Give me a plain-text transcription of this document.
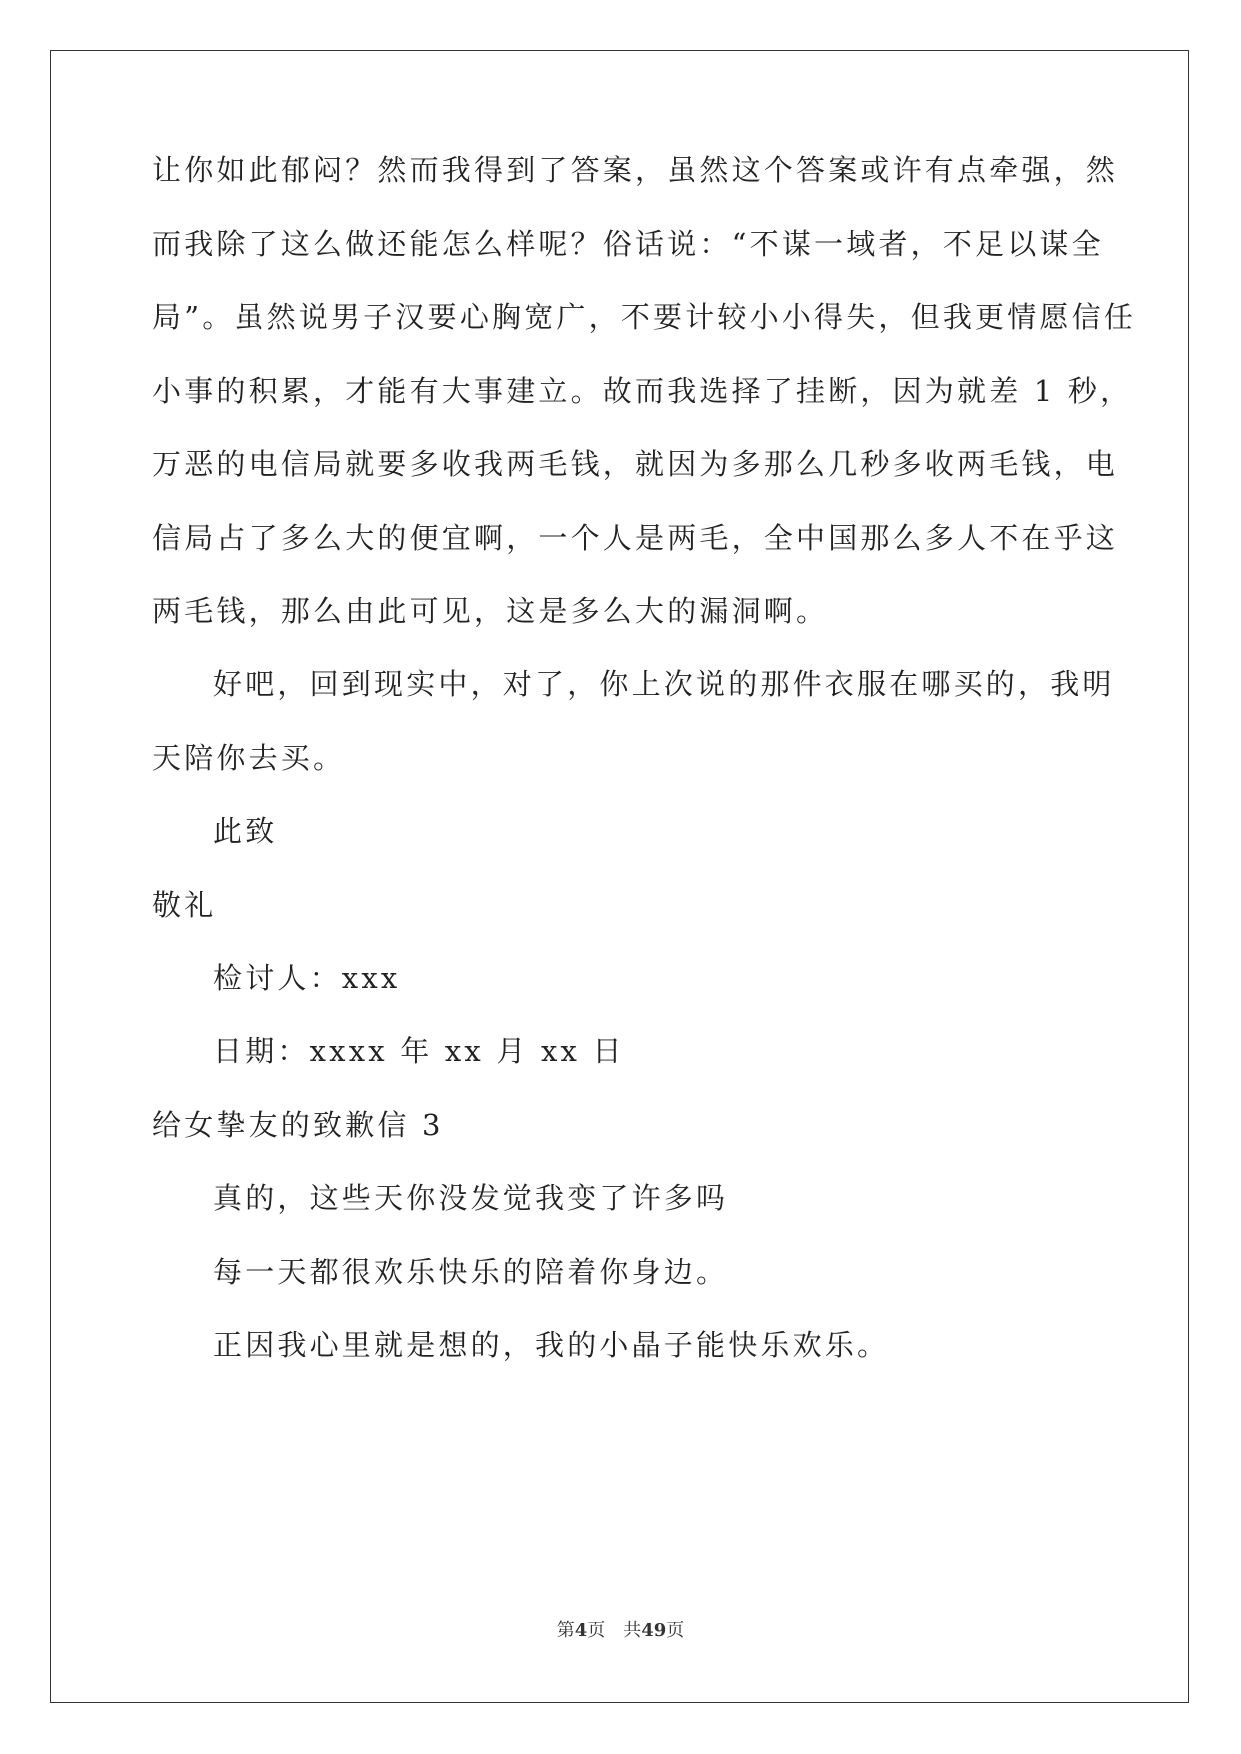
让你如此郁闷？然而我得到了答案，虽然这个答案或许有点牵强，然
而我除了这么做还能怎么样呢？俗话说：“不谋一域者，不足以谋全
局”。虽然说男子汉要心胸宽广，不要计较小小得失，但我更情愿信任
小事的积累，才能有大事建立。故而我选择了挂断，因为就差 1 秒，
万恶的电信局就要多收我两毛钱，就因为多那么几秒多收两毛钱，电
信局占了多么大的便宜啊，一个人是两毛，全中国那么多人不在乎这
两毛钱，那么由此可见，这是多么大的漏洞啊。
好吧，回到现实中，对了，你上次说的那件衣服在哪买的，我明
天陪你去买。
此致
敬礼
检讨人：xxx
日期：xxxx 年 xx 月 xx 日
给女挚友的致歉信 3
真的，这些天你没发觉我变了许多吗
每一天都很欢乐快乐的陪着你身边。
正因我心里就是想的，我的小晶子能快乐欢乐。
第4页 共49页
